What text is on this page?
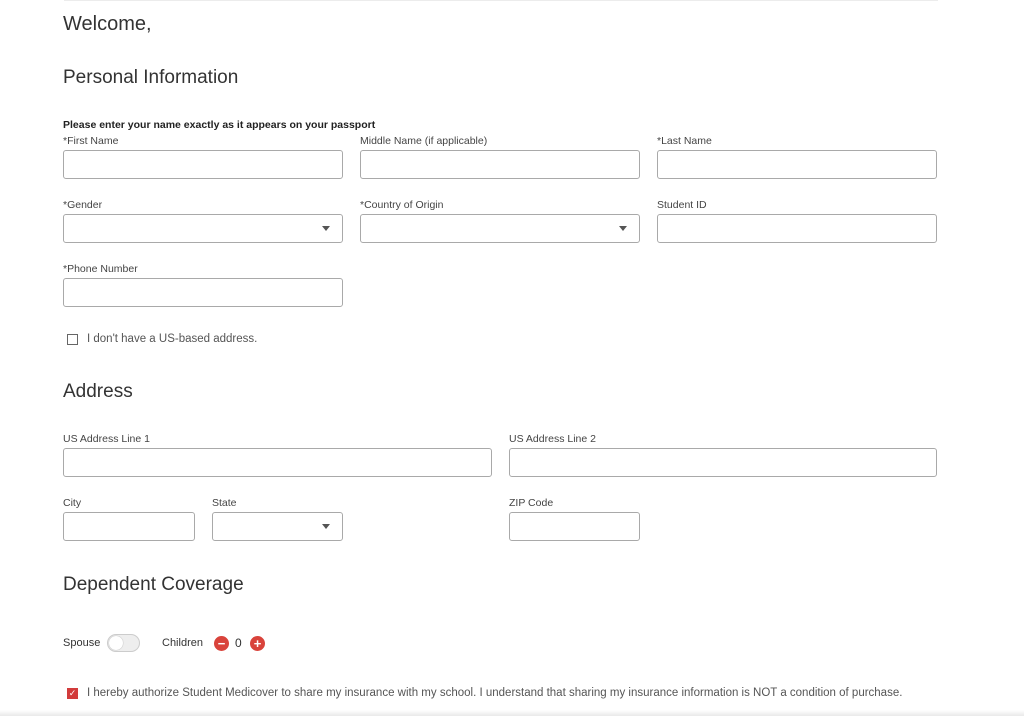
Welcome,
Personal Information
Please enter your name exactly as it appears on your passport
*First Name	Middle Name (if applicable)	*Last Name
*Gender	*Country of Origin	Student ID
*Phone Number
I don't have a US-based address.
Address
US Address Line 1	US Address Line 2
City	State	ZIP Code
Dependent Coverage
Spouse	Children − 0 +
✓ I hereby authorize Student Medicover to share my insurance with my school. I understand that sharing my insurance information is NOT a condition of purchase.
